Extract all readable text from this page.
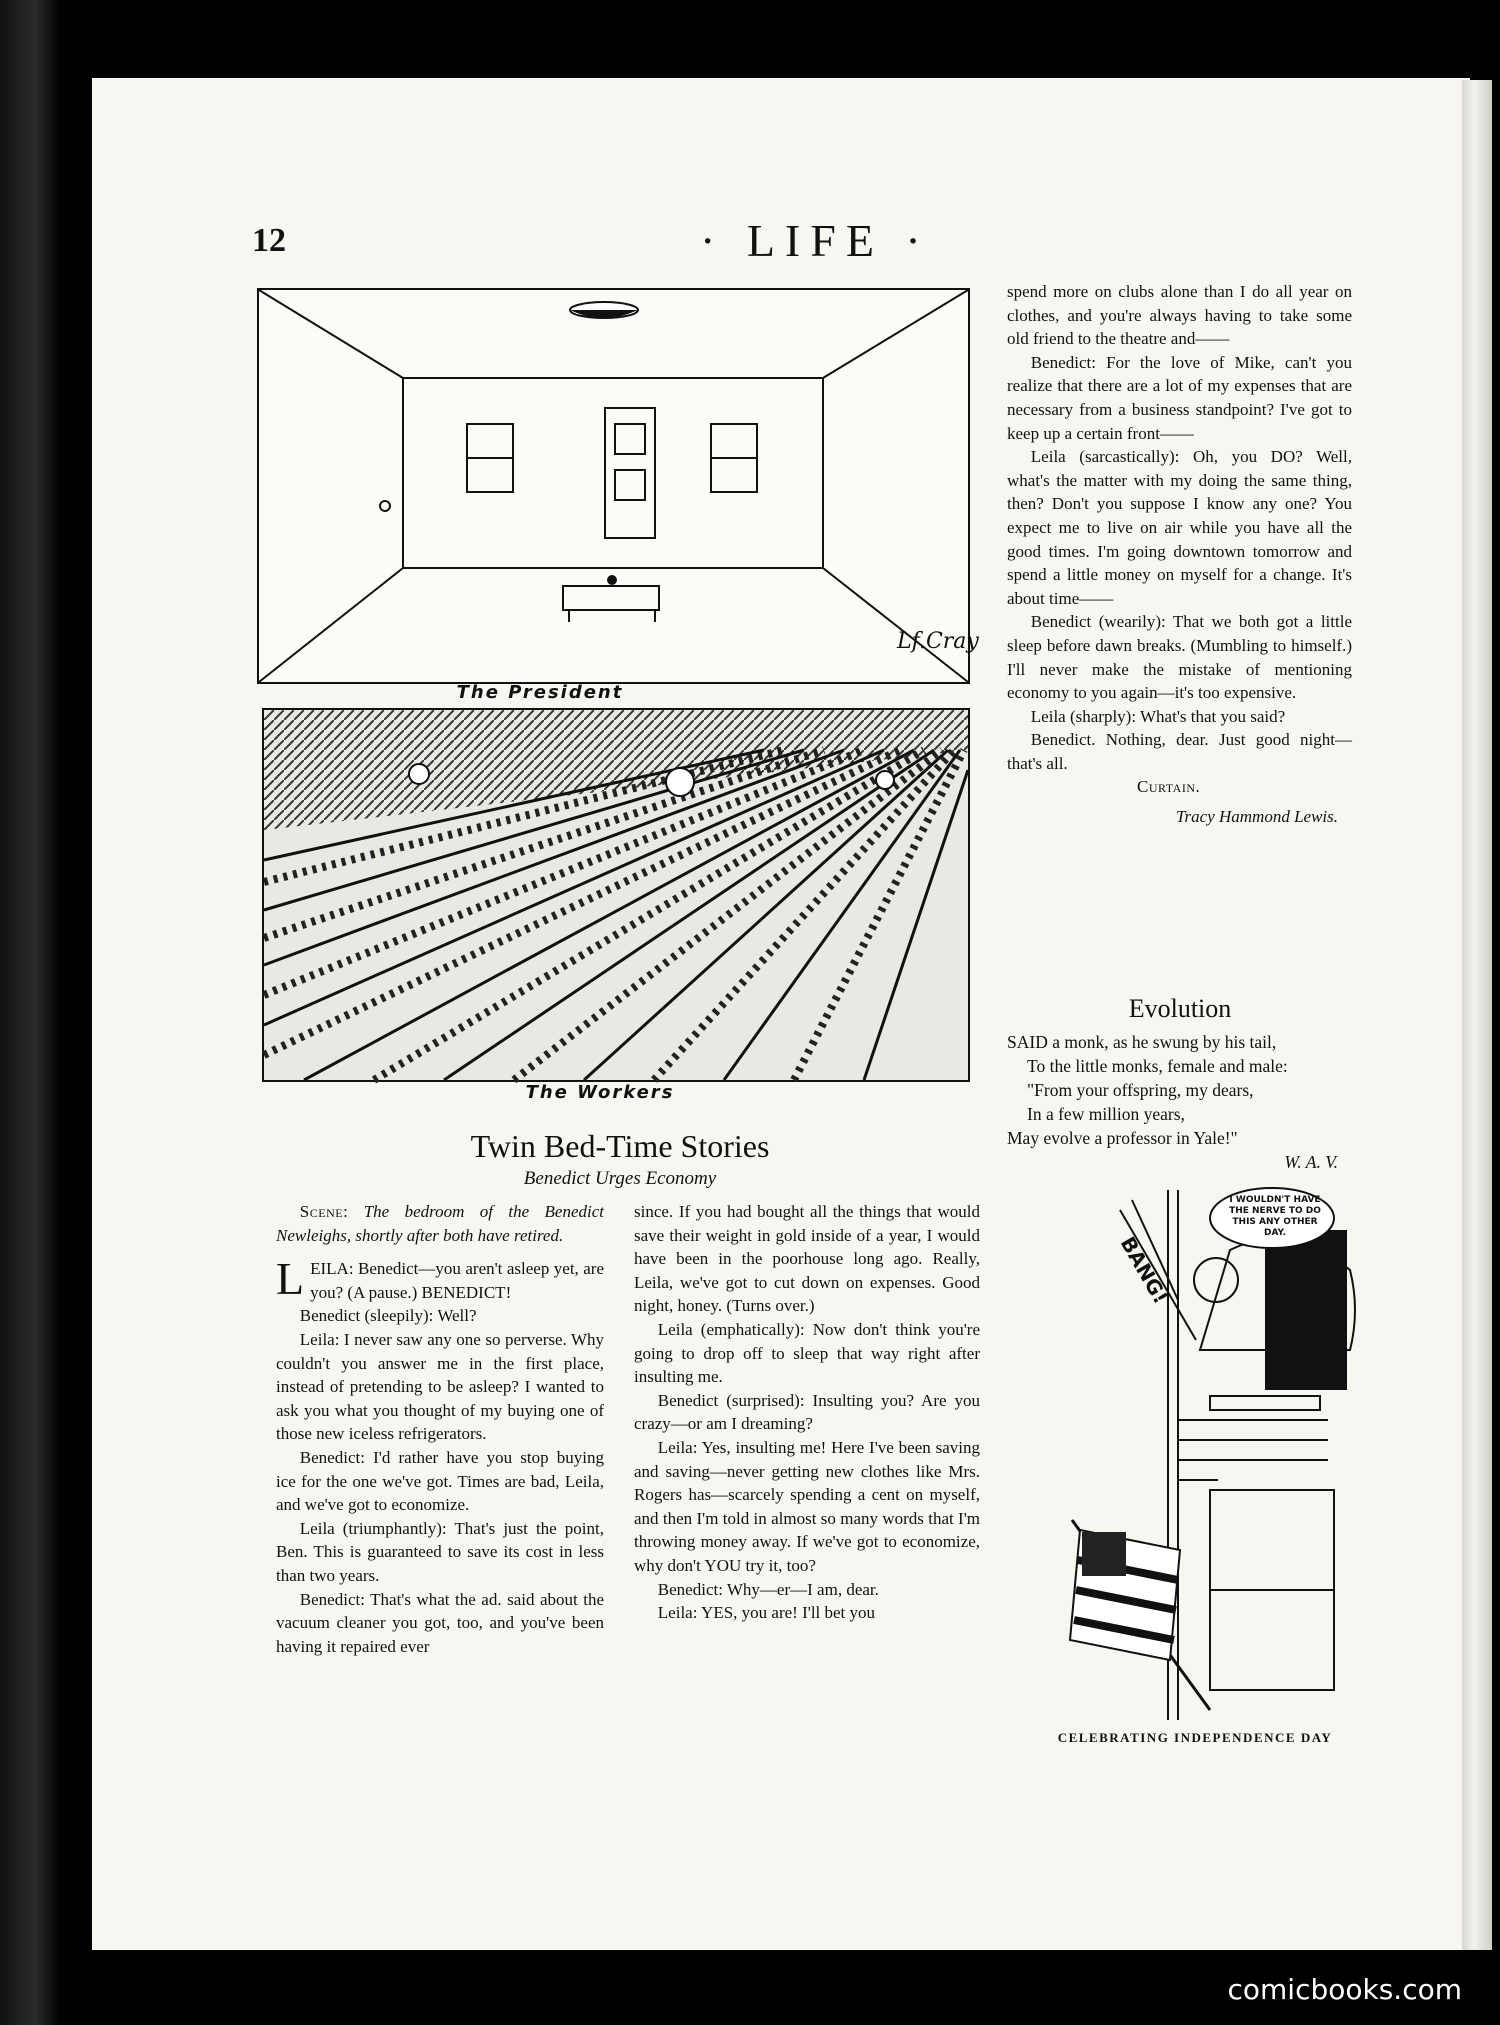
12	· LIFE ·
Lf.Cray
The President
The Workers
Twin Bed-Time Stories
Benedict Urges Economy

Scene: The bedroom of the Benedict Newleighs, shortly after both have retired.

LEILA: Benedict—you aren't asleep yet, are you? (A pause.) BENEDICT!

Benedict (sleepily): Well?

Leila: I never saw any one so perverse. Why couldn't you answer me in the first place, instead of pretending to be asleep? I wanted to ask you what you thought of my buying one of those new iceless refrigerators.

Benedict: I'd rather have you stop buying ice for the one we've got. Times are bad, Leila, and we've got to economize.

Leila (triumphantly): That's just the point, Ben. This is guaranteed to save its cost in less than two years.

Benedict: That's what the ad. said about the vacuum cleaner you got, too, and you've been having it repaired ever

since. If you had bought all the things that would save their weight in gold inside of a year, I would have been in the poorhouse long ago. Really, Leila, we've got to cut down on expenses. Good night, honey. (Turns over.)

Leila (emphatically): Now don't think you're going to drop off to sleep that way right after insulting me.

Benedict (surprised): Insulting you? Are you crazy—or am I dreaming?

Leila: Yes, insulting me! Here I've been saving and saving—never getting new clothes like Mrs. Rogers has—scarcely spending a cent on myself, and then I'm told in almost so many words that I'm throwing money away. If we've got to economize, why don't YOU try it, too?

Benedict: Why—er—I am, dear.

Leila: YES, you are! I'll bet you

spend more on clubs alone than I do all year on clothes, and you're always having to take some old friend to the theatre and——

Benedict: For the love of Mike, can't you realize that there are a lot of my expenses that are necessary from a business standpoint? I've got to keep up a certain front——

Leila (sarcastically): Oh, you DO? Well, what's the matter with my doing the same thing, then? Don't you suppose I know any one? You expect me to live on air while you have all the good times. I'm going downtown tomorrow and spend a little money on myself for a change. It's about time——

Benedict (wearily): That we both got a little sleep before dawn breaks. (Mumbling to himself.) I'll never make the mistake of mentioning economy to you again—it's too expensive.

Leila (sharply): What's that you said?

Benedict. Nothing, dear. Just good night—that's all.

Curtain.

Tracy Hammond Lewis.

Evolution
SAID a monk, as he swung by his tail,
To the little monks, female and male:
"From your offspring, my dears,
In a few million years,
May evolve a professor in Yale!"
W. A. V.
BANG!
I WOULDN'T HAVE THE NERVE TO DO THIS ANY OTHER DAY.
CELEBRATING INDEPENDENCE DAY
comicbooks.com
